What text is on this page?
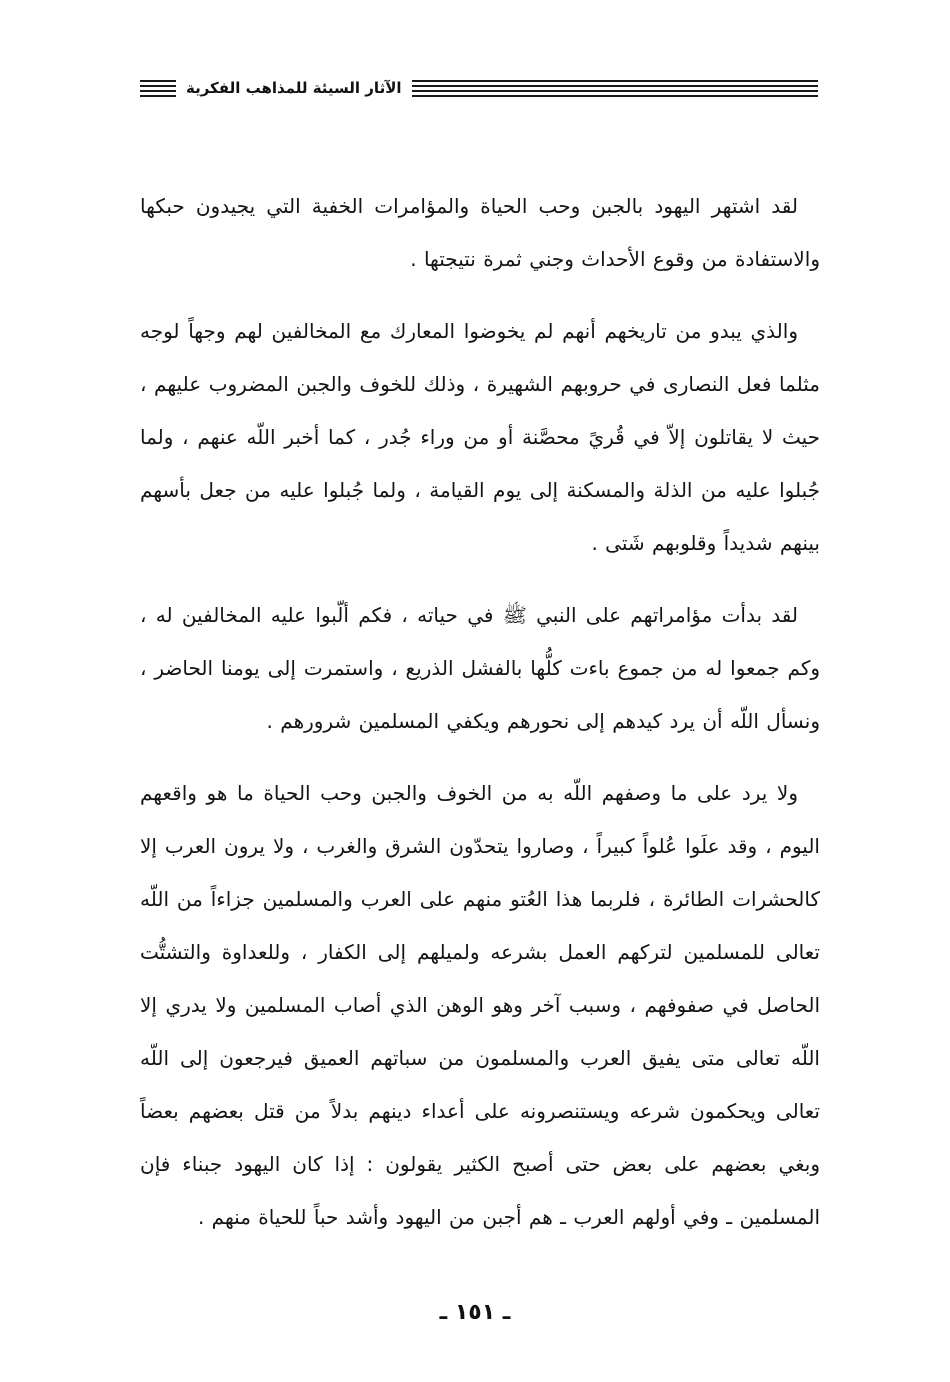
الآثار السيئة للمذاهب الفكرية

لقد اشتهر اليهود بالجبن وحب الحياة والمؤامرات الخفية التي يجيدون حبكها والاستفادة من وقوع الأحداث وجني ثمرة نتيجتها .

والذي يبدو من تاريخهم أنهم لم يخوضوا المعارك مع المخالفين لهم وجهاً لوجه مثلما فعل النصارى في حروبهم الشهيرة ، وذلك للخوف والجبن المضروب عليهم ، حيث لا يقاتلون إلاّ في قُريً محصَّنة أو من وراء جُدر ، كما أخبر اللّه عنهم ، ولما جُبلوا عليه من الذلة والمسكنة إلى يوم القيامة ، ولما جُبلوا عليه من جعل بأسهم بينهم شديداً وقلوبهم شَتى .

لقد بدأت مؤامراتهم على النبي ﷺ في حياته ، فكم ألّبوا عليه المخالفين له ، وكم جمعوا له من جموع باءت كلُّها بالفشل الذريع ، واستمرت إلى يومنا الحاضر ، ونسأل اللّه أن يرد كيدهم إلى نحورهم ويكفي المسلمين شرورهم .

ولا يرد على ما وصفهم اللّه به من الخوف والجبن وحب الحياة ما هو واقعهم اليوم ، وقد علَوا عُلواً كبيراً ، وصاروا يتحدّون الشرق والغرب ، ولا يرون العرب إلا كالحشرات الطائرة ، فلربما هذا العُتو منهم على العرب والمسلمين جزاءاً من اللّه تعالى للمسلمين لتركهم العمل بشرعه ولميلهم إلى الكفار ، وللعداوة والتشتُّت الحاصل في صفوفهم ، وسبب آخر وهو الوهن الذي أصاب المسلمين ولا يدري إلا اللّه تعالى متى يفيق العرب والمسلمون من سباتهم العميق فيرجعون إلى اللّه تعالى ويحكمون شرعه ويستنصرونه على أعداء دينهم بدلاً من قتل بعضهم بعضاً وبغي بعضهم على بعض حتى أصبح الكثير يقولون : إذا كان اليهود جبناء فإن المسلمين ـ وفي أولهم العرب ـ هم أجبن من اليهود وأشد حباً للحياة منهم .

ـ ١٥١ ـ
